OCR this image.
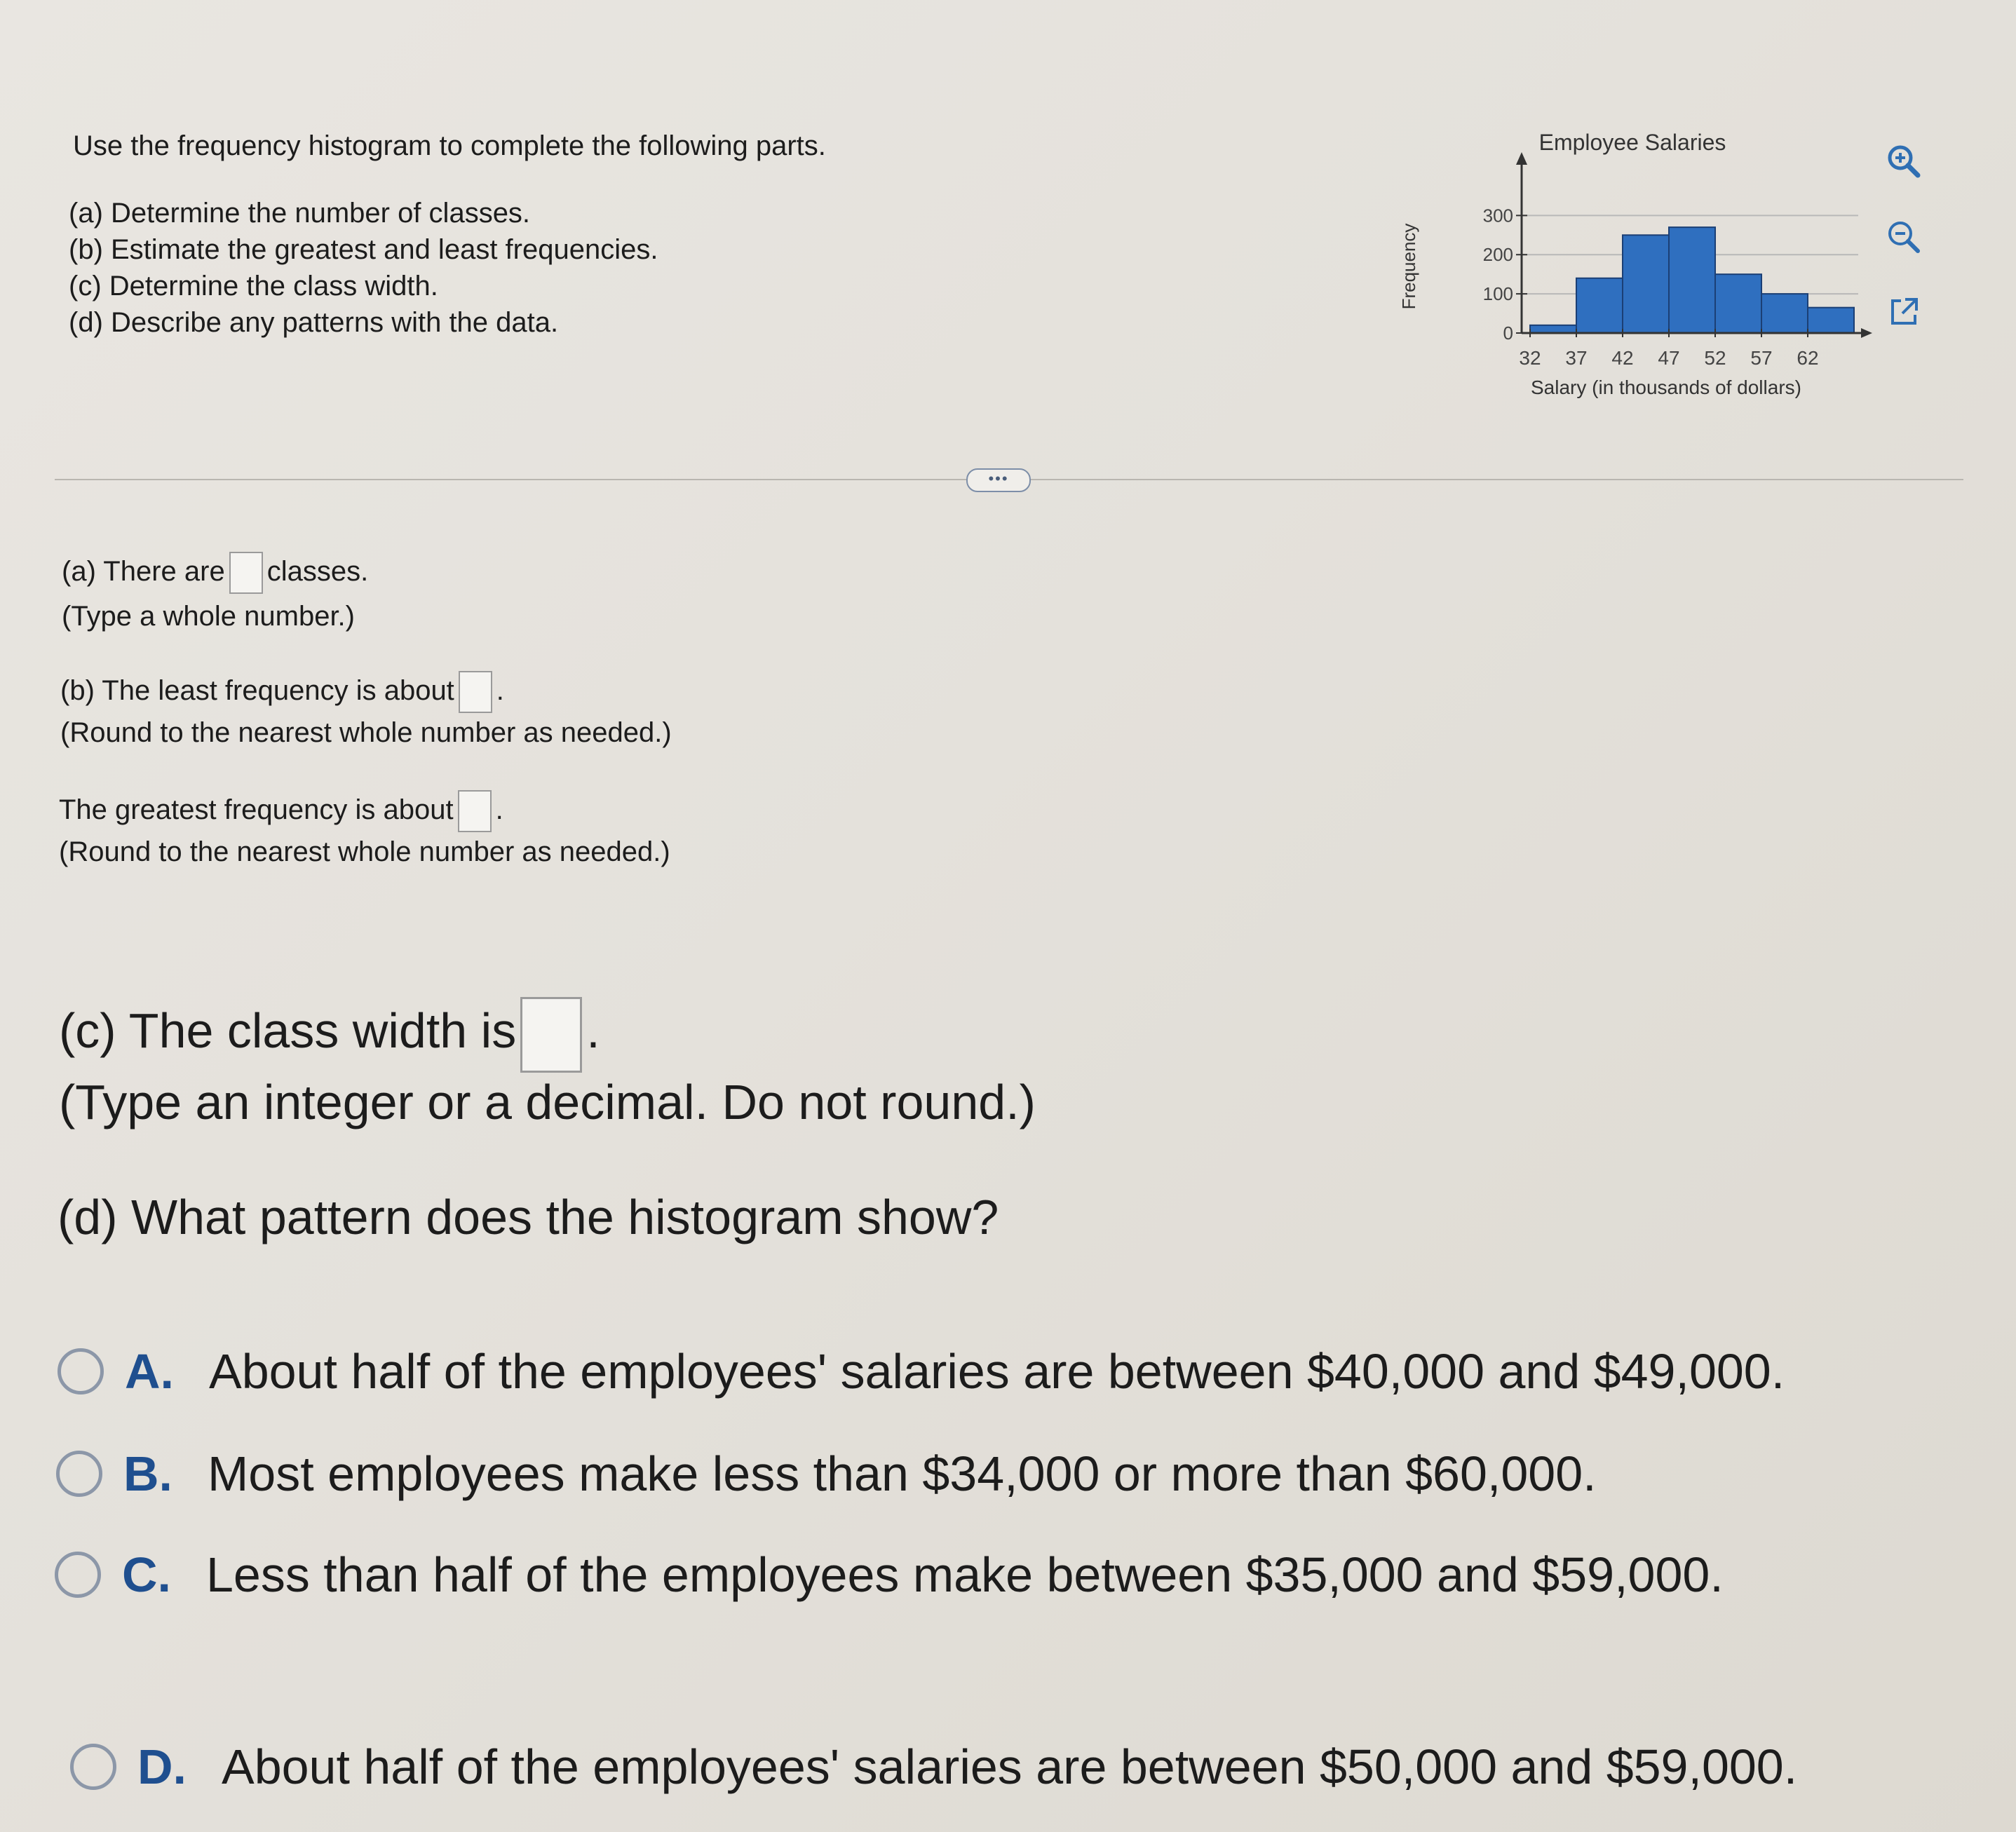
Use the frequency histogram to complete the following parts.
(a) Determine the number of classes.
(b) Estimate the greatest and least frequencies.
(c) Determine the class width.
(d) Describe any patterns with the data.
Employee Salaries
Frequency
Salary (in thousands of dollars)
0
100
200
300
32 37 42 47 52 57 62
•••
(a) There are classes.
(Type a whole number.)
(b) The least frequency is about .
(Round to the nearest whole number as needed.)
The greatest frequency is about .
(Round to the nearest whole number as needed.)
(c) The class width is .
(Type an integer or a decimal. Do not round.)
(d) What pattern does the histogram show?
A. About half of the employees' salaries are between $40,000 and $49,000.
B. Most employees make less than $34,000 or more than $60,000.
C. Less than half of the employees make between $35,000 and $59,000.
D. About half of the employees' salaries are between $50,000 and $59,000.
